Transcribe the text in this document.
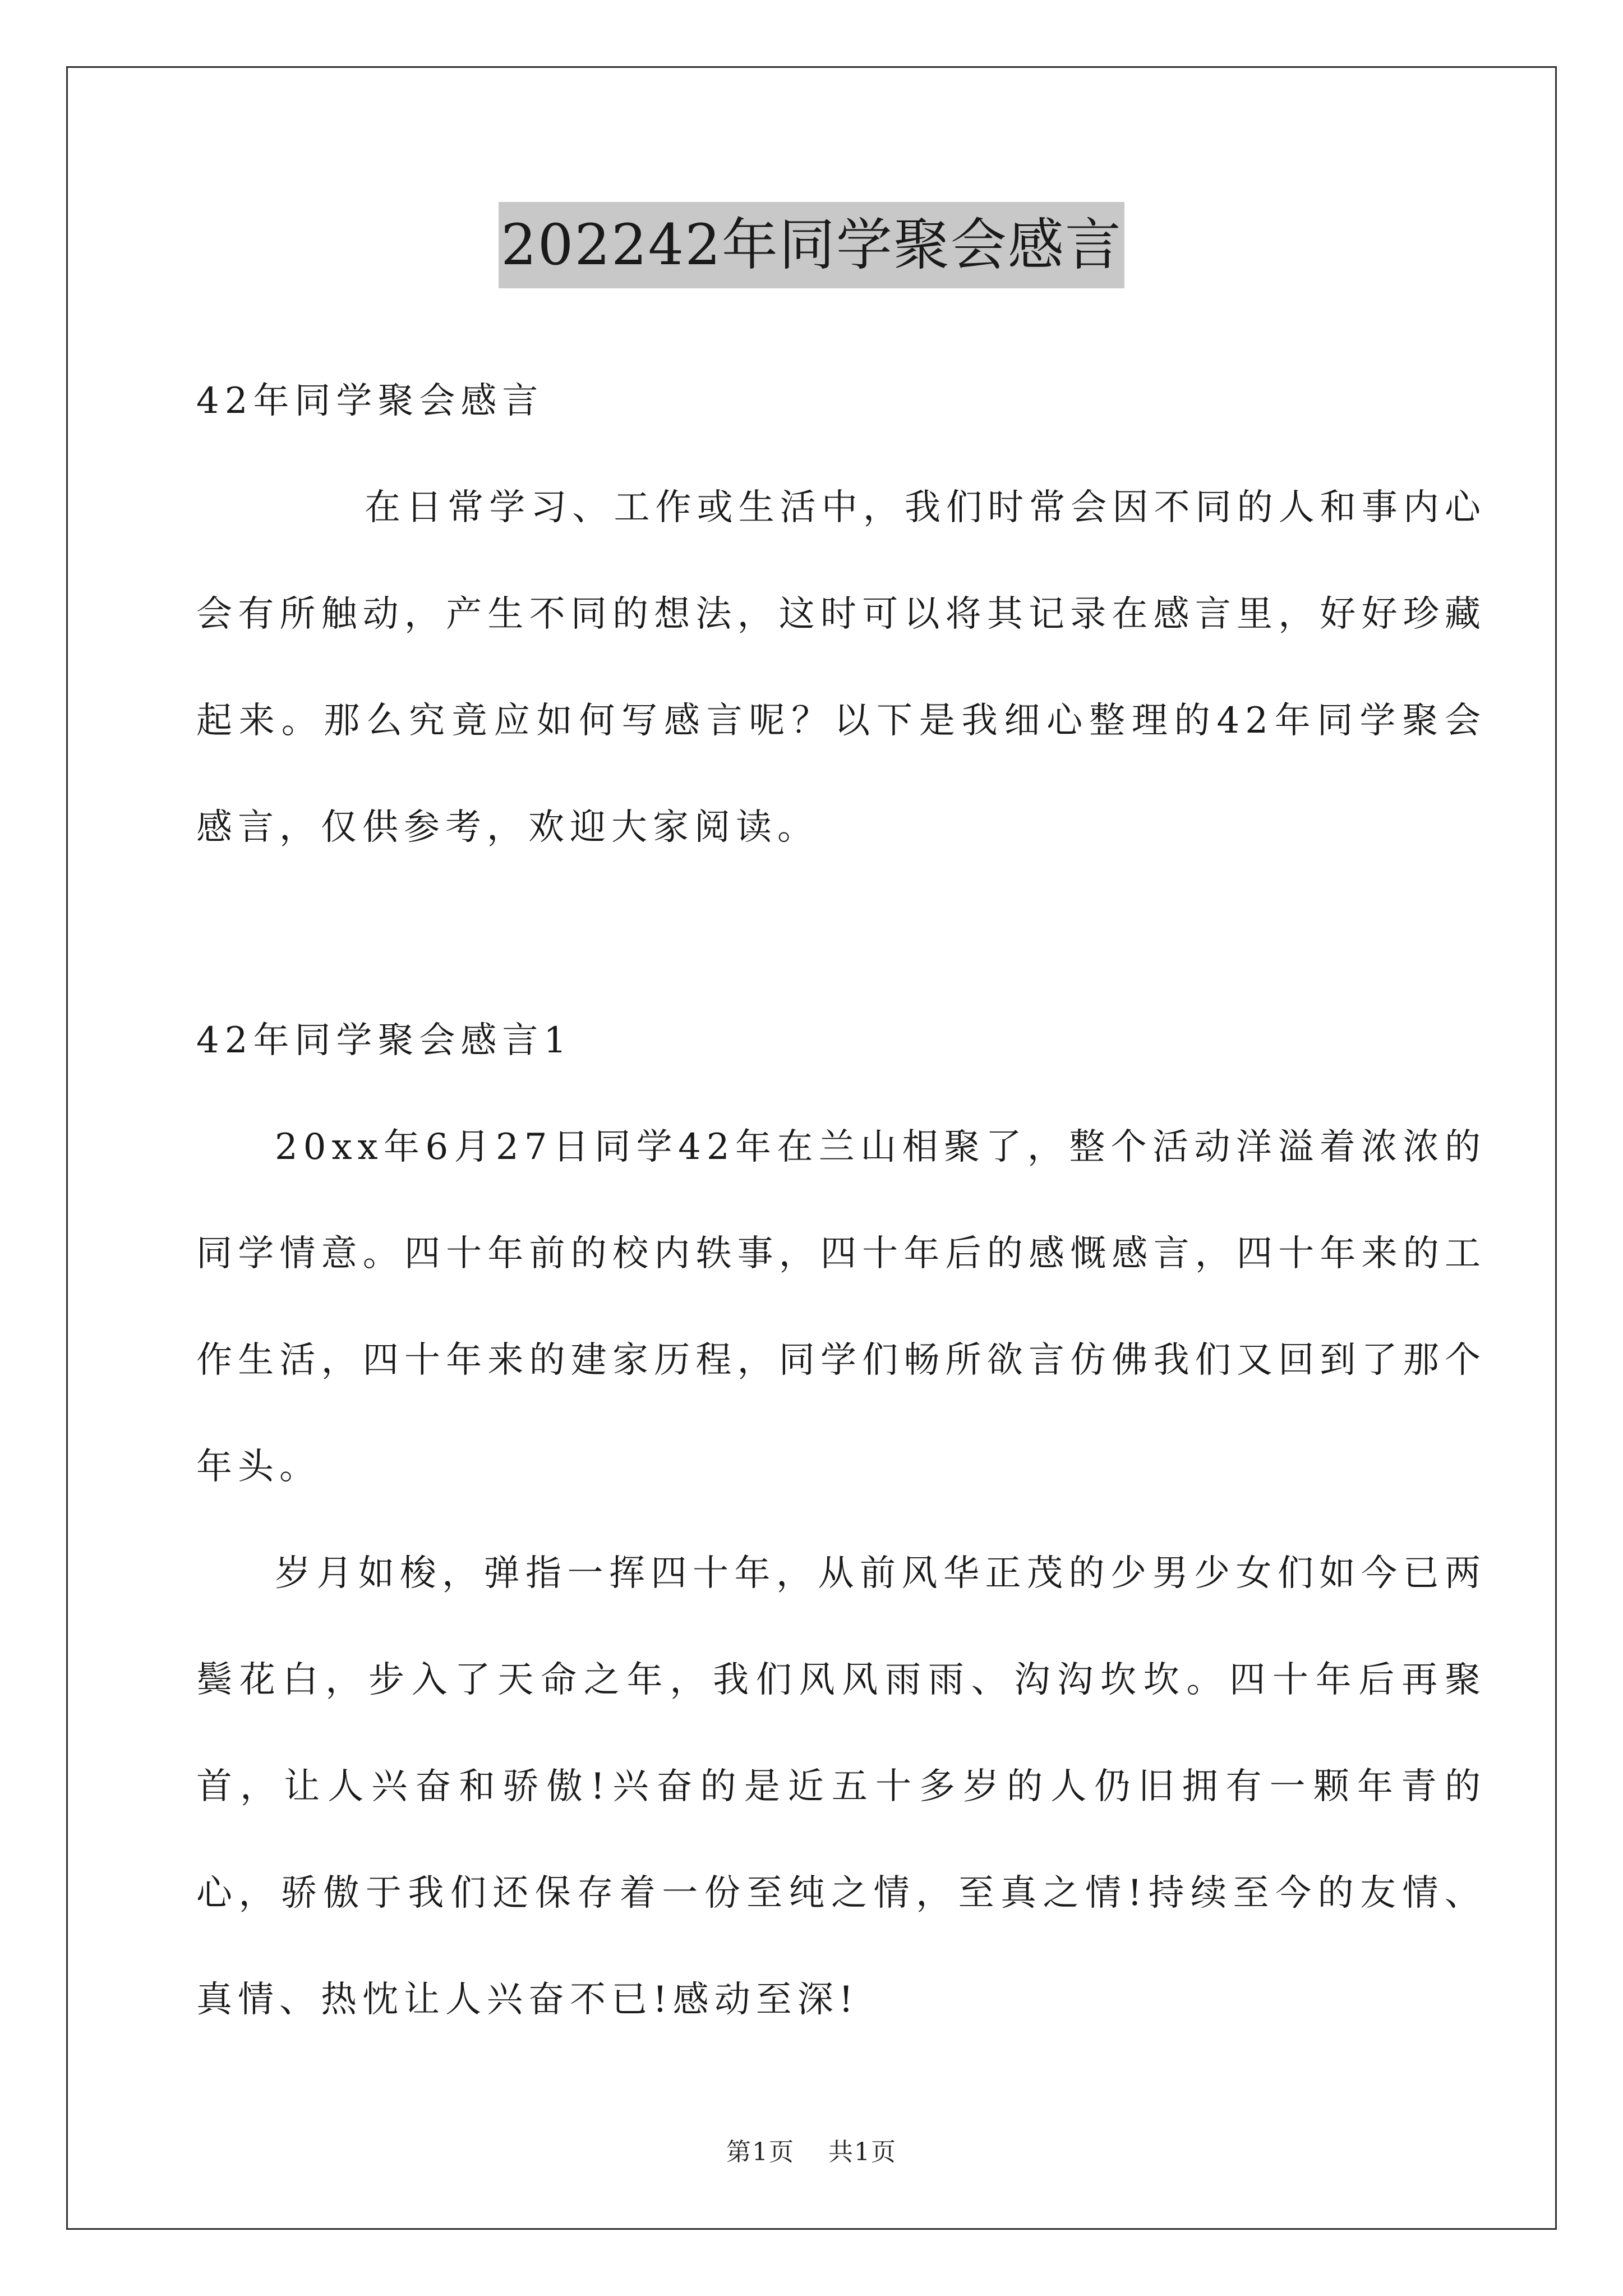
202242年同学聚会感言

42年同学聚会感言

在日常学习、工作或生活中，我们时常会因不同的人和事内心会有所触动，产生不同的想法，这时可以将其记录在感言里，好好珍藏起来。那么究竟应如何写感言呢？以下是我细心整理的42年同学聚会感言，仅供参考，欢迎大家阅读。

42年同学聚会感言1

20xx年6月27日同学42年在兰山相聚了，整个活动洋溢着浓浓的同学情意。四十年前的校内轶事，四十年后的感慨感言，四十年来的工作生活，四十年来的建家历程，同学们畅所欲言仿佛我们又回到了那个年头。

岁月如梭，弹指一挥四十年，从前风华正茂的少男少女们如今已两鬓花白，步入了天命之年，我们风风雨雨、沟沟坎坎。四十年后再聚首，让人兴奋和骄傲!兴奋的是近五十多岁的人仍旧拥有一颗年青的心，骄傲于我们还保存着一份至纯之情，至真之情!持续至今的友情、真情、热忱让人兴奋不已!感动至深!

第1页 共1页
